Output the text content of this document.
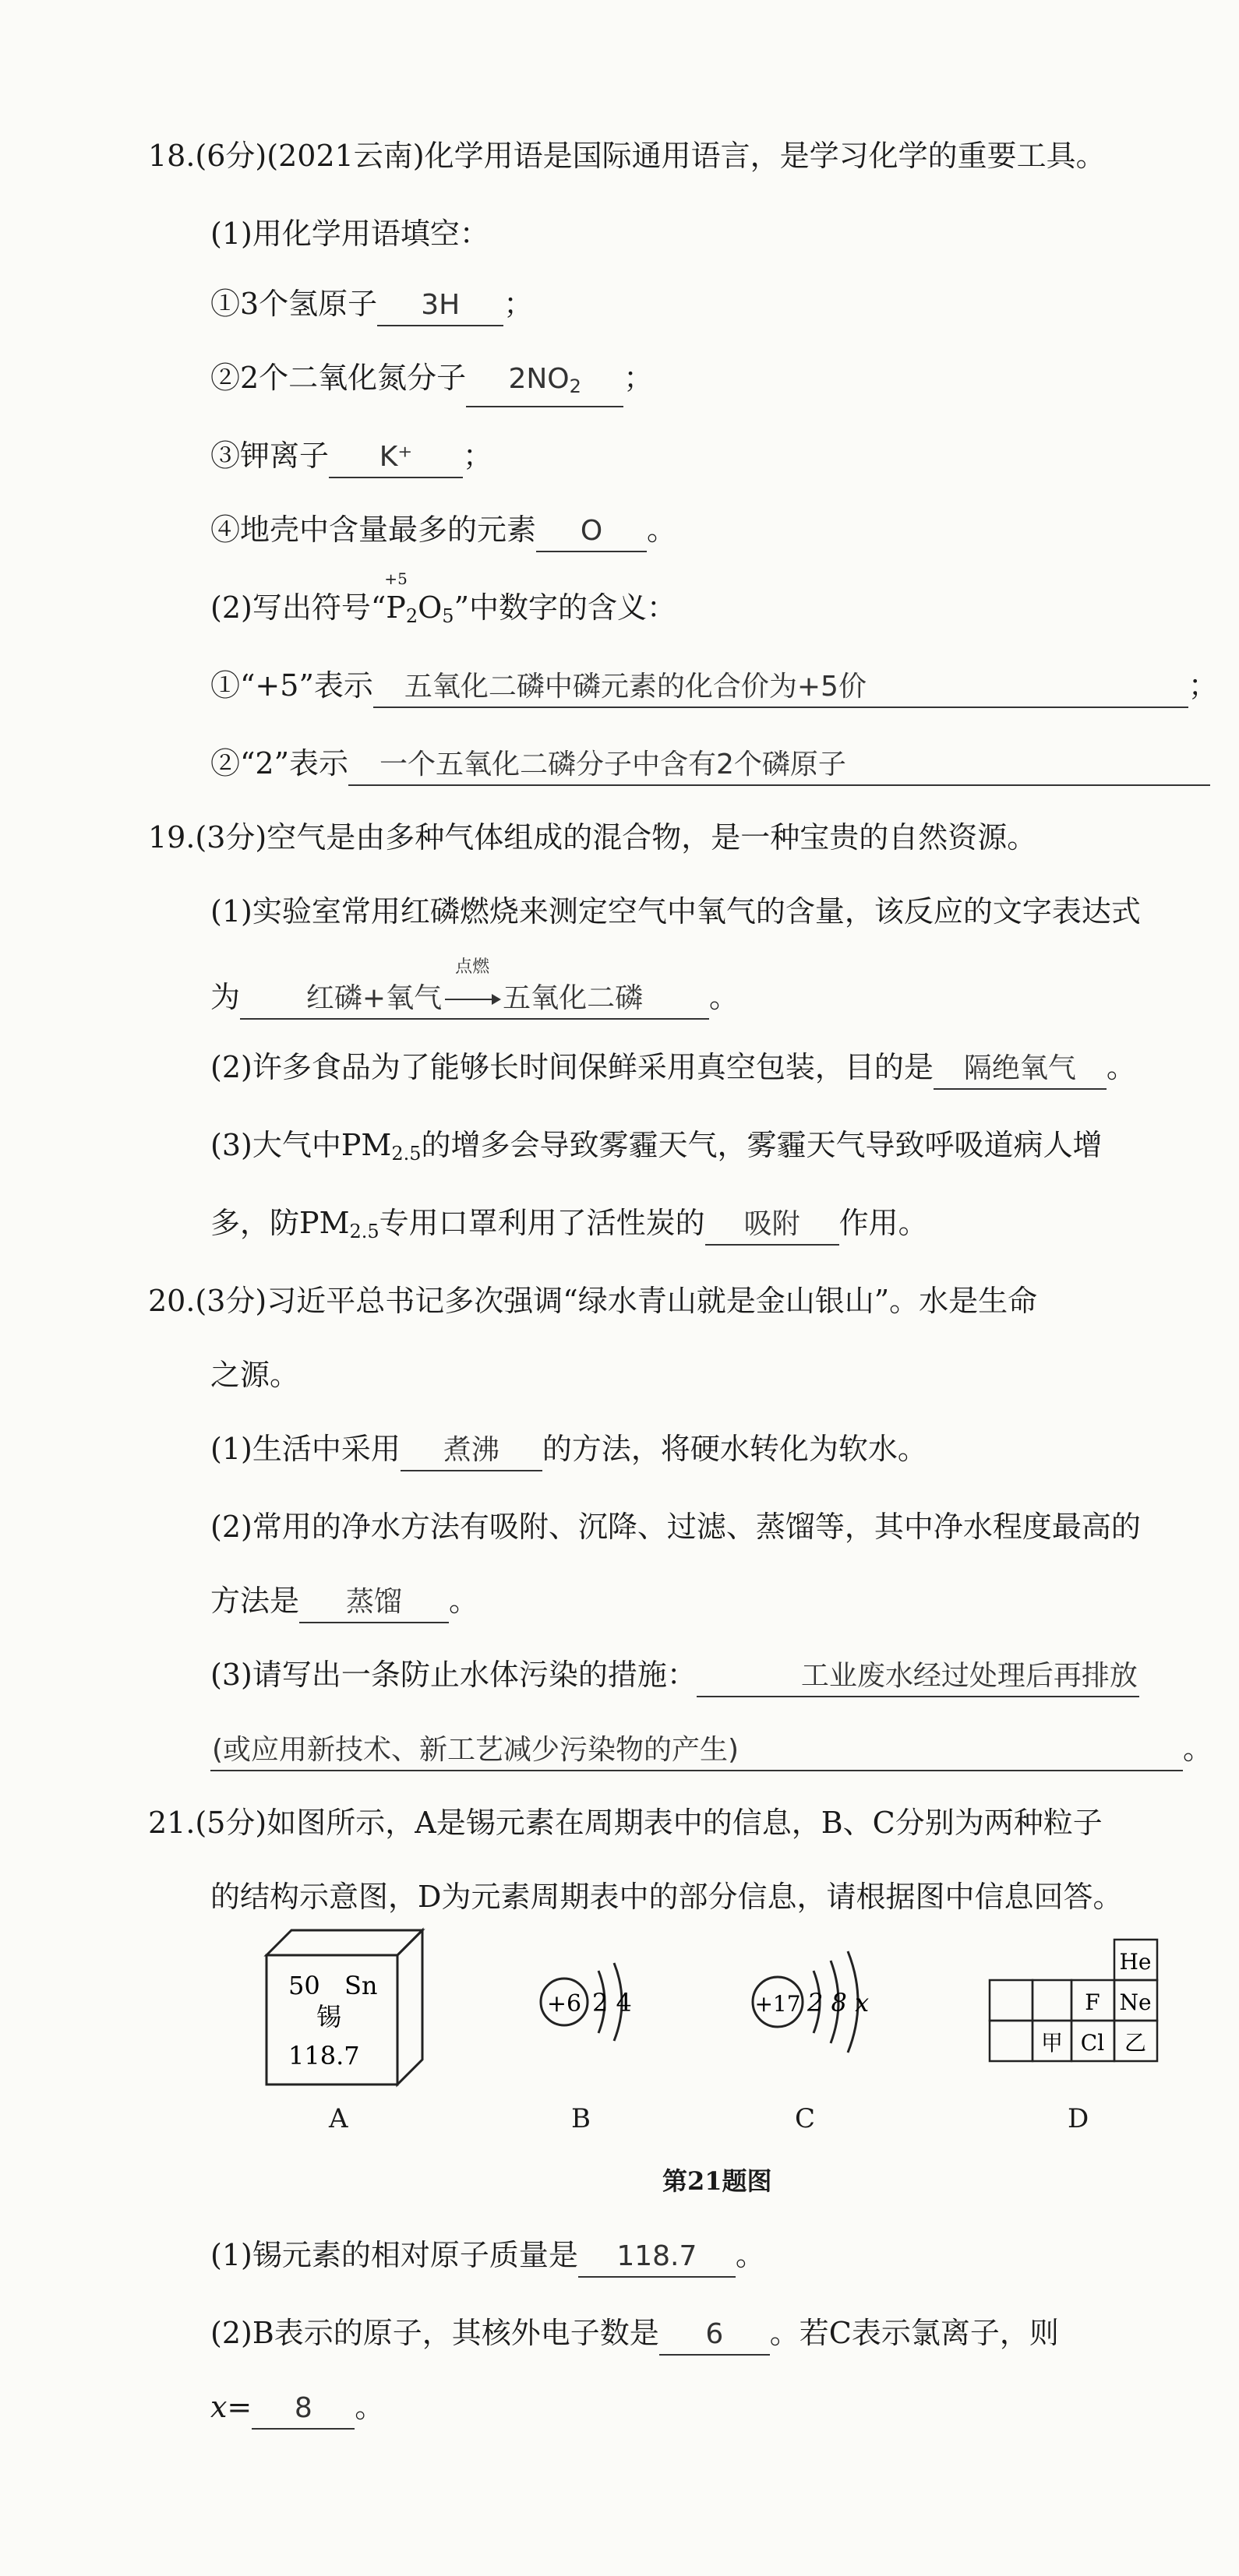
18.(6分)(2021云南)化学用语是国际通用语言，是学习化学的重要工具。
(1)用化学用语填空：
①3个氢原子 3H ；
②2个二氧化氮分子 $2NO_2$ ；
③钾离子 K⁺ ；
④地壳中含量最多的元素 O 。
(2)写出符号“
+5
$P_2O_5$”中数字的含义：
①“+5”表示 五氧化二磷中磷元素的化合价为+5价	；
②“2”表示 一个五氧化二磷分子中含有2个磷原子
19.(3分)空气是由多种气体组成的混合物，是一种宝贵的自然资源。
(1)实验室常用红磷燃烧来测定空气中氧气的含量，该反应的文字表达式
为 红磷+氧气
点燃
五氧化二磷 。
(2)许多食品为了能够长时间保鲜采用真空包装，目的是 隔绝氧气 。
(3)大气中$PM_{2.5}$的增多会导致雾霾天气，雾霾天气导致呼吸道病人增
多，防$PM_{2.5}$专用口罩利用了活性炭的 吸附 作用。
20.(3分)习近平总书记多次强调“绿水青山就是金山银山”。水是生命
之源。
(1)生活中采用 煮沸 的方法，将硬水转化为软水。
(2)常用的净水方法有吸附、沉降、过滤、蒸馏等，其中净水程度最高的
方法是 蒸馏 。
(3)请写出一条防止水体污染的措施：	工业废水经过处理后再排放
(或应用新技术、新工艺减少污染物的产生)	。
21.(5分)如图所示，A是锡元素在周期表中的信息，B、C分别为两种粒子
的结构示意图，D为元素周期表中的部分信息，请根据图中信息回答。
50 Sn
锡
118.7
A
+6 2 4
B
+17 2 8 x
C
He
F Ne
甲 Cl 乙
D
第21题图
(1)锡元素的相对原子质量是 118.7 。
(2)B表示的原子，其核外电子数是 6 。若C表示氯离子，则
x= 8 。
